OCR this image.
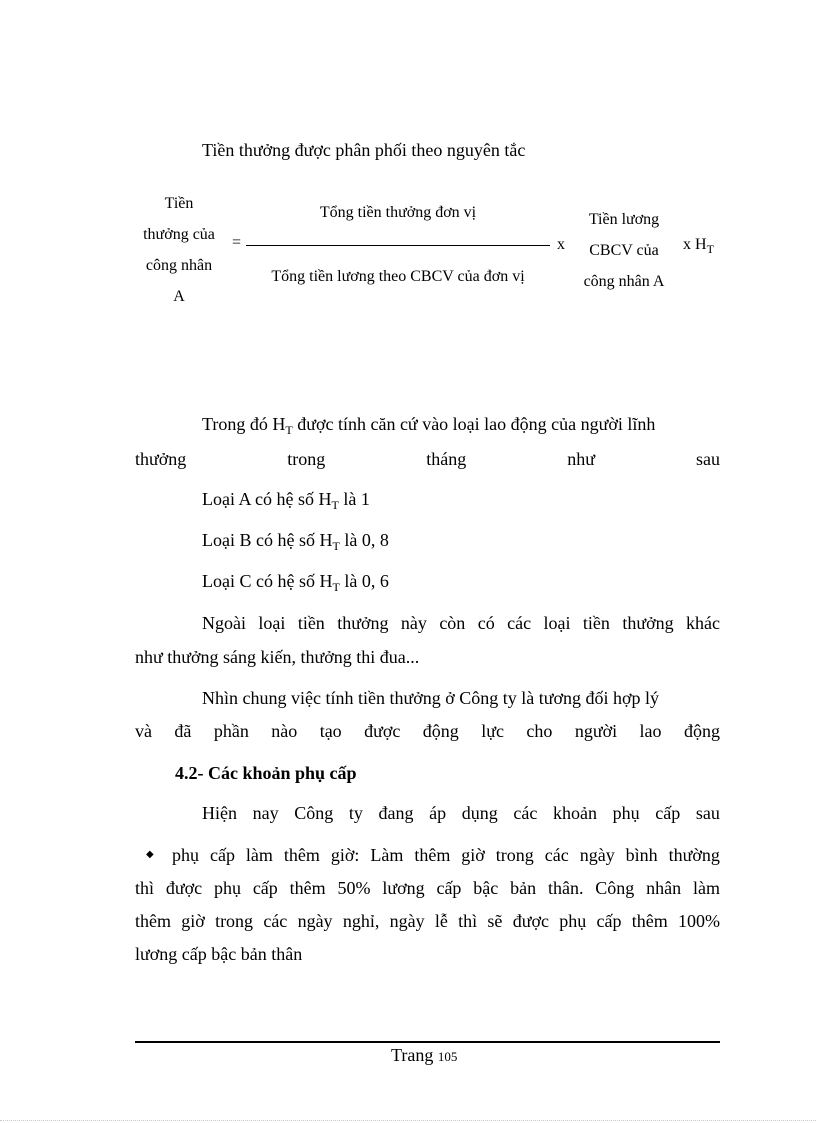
Tiền thưởng được phân phối theo nguyên tắc
Tiền
thưởng của
công nhân
A
=
Tổng tiền thưởng đơn vị
Tổng tiền lương theo CBCV của đơn vị
x
Tiền lương
CBCV của
công nhân A
x $H_T$
Trong đó $H_T$ được tính căn cứ vào loại lao động của người lĩnh
thưởng	trong	tháng	như	sau
Loại A có hệ số $H_T$ là 1
Loại B có hệ số $H_T$ là 0, 8
Loại C có hệ số $H_T$ là 0, 6
Ngoài loại tiền thưởng này còn có các loại tiền thưởng khác
như thưởng sáng kiến, thưởng thi đua...
Nhìn chung việc tính tiền thưởng ở Công ty là tương đối hợp lý
và đã phần nào tạo được động lực cho người lao động
4.2- Các khoản phụ cấp
Hiện nay Công ty đang áp dụng các khoản phụ cấp sau
◆ phụ cấp làm thêm giờ: Làm thêm giờ trong các ngày bình thường
thì được phụ cấp thêm 50% lương cấp bậc bản thân. Công nhân làm
thêm giờ trong các ngày nghỉ, ngày lễ thì sẽ được phụ cấp thêm 100%
lương cấp bậc bản thân
Trang 105
